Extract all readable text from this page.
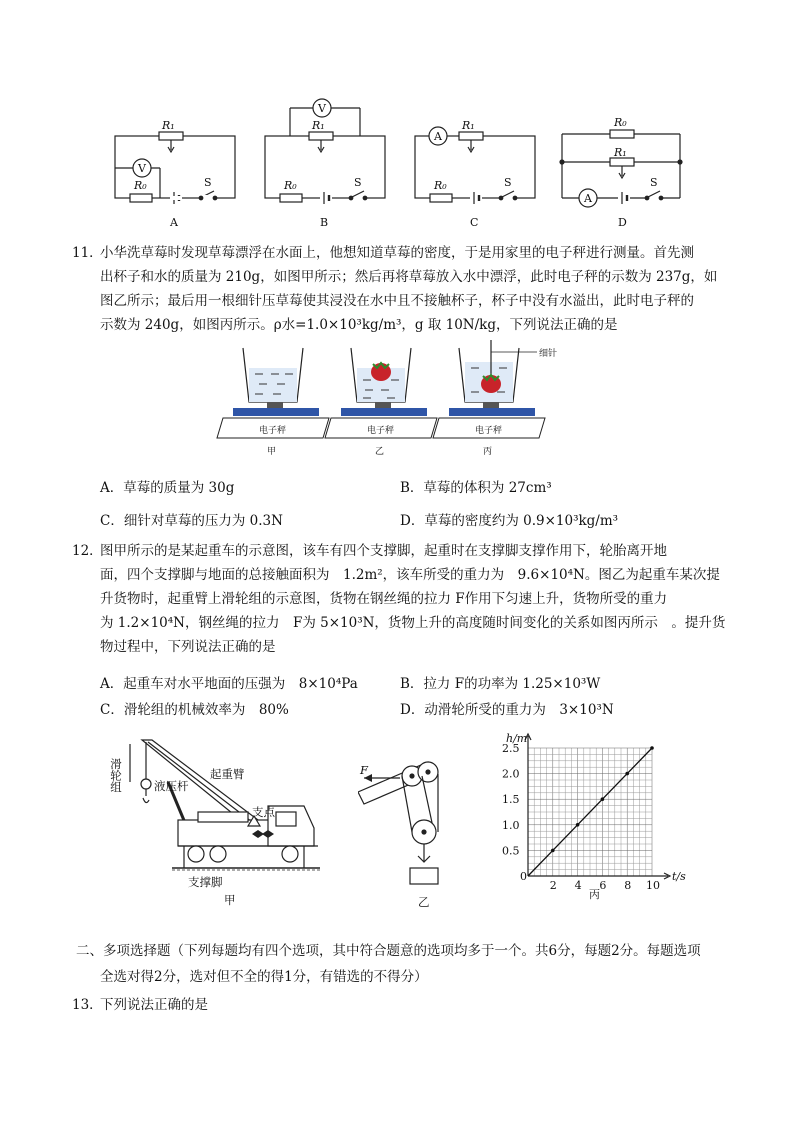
V
V
A
A
R₁	R₁	R₁
R₁
R₀	R₀	R₀
R₀
S	S	S	S
A	B	C	D
11．
小华洗草莓时发现草莓漂浮在水面上，他想知道草莓的密度，于是用家里的电子秤进行测量。首先测
出杯子和水的质量为 210g，如图甲所示；然后再将草莓放入水中漂浮，此时电子秤的示数为 237g，如
图乙所示；最后用一根细针压草莓使其浸没在水中且不接触杯子，杯子中没有水溢出，此时电子秤的
示数为 240g，如图丙所示。ρ水=1.0×10³kg/m³，g 取 10N/kg，下列说法正确的是
电子秤	电子秤	电子秤
细针
甲	乙	丙
A．草莓的质量为 30g	B．草莓的体积为 27cm³
C．细针对草莓的压力为 0.3N	D．草莓的密度约为 0.9×10³kg/m³
12．
图甲所示的是某起重车的示意图，该车有四个支撑脚，起重时在支撑脚支撑作用下，轮胎离开地
面，四个支撑脚与地面的总接触面积为　1.2m²，该车所受的重力为　9.6×10⁴N。图乙为起重车某次提
升货物时，起重臂上滑轮组的示意图，货物在钢丝绳的拉力 F作用下匀速上升，货物所受的重力
为 1.2×10⁴N，钢丝绳的拉力　F为 5×10³N，货物上升的高度随时间变化的关系如图丙所示　。提升货
物过程中，下列说法正确的是
A．起重车对水平地面的压强为　8×10⁴Pa	B．拉力 F的功率为 1.25×10³W
C．滑轮组的机械效率为　80%	D．动滑轮所受的重力为　3×10³N
滑轮组	液压杆
起重臂
支点
支撑脚
甲
F
乙
h/m
t/s
0
丙
2 4 6 8 10
2.5
2.0
1.5
1.0
0.5
二、多项选择题（下列每题均有四个选项，其中符合题意的选项均多于一个。共6分，每题2分。每题选项
全选对得2分，选对但不全的得1分，有错选的不得分）
13．
下列说法正确的是
